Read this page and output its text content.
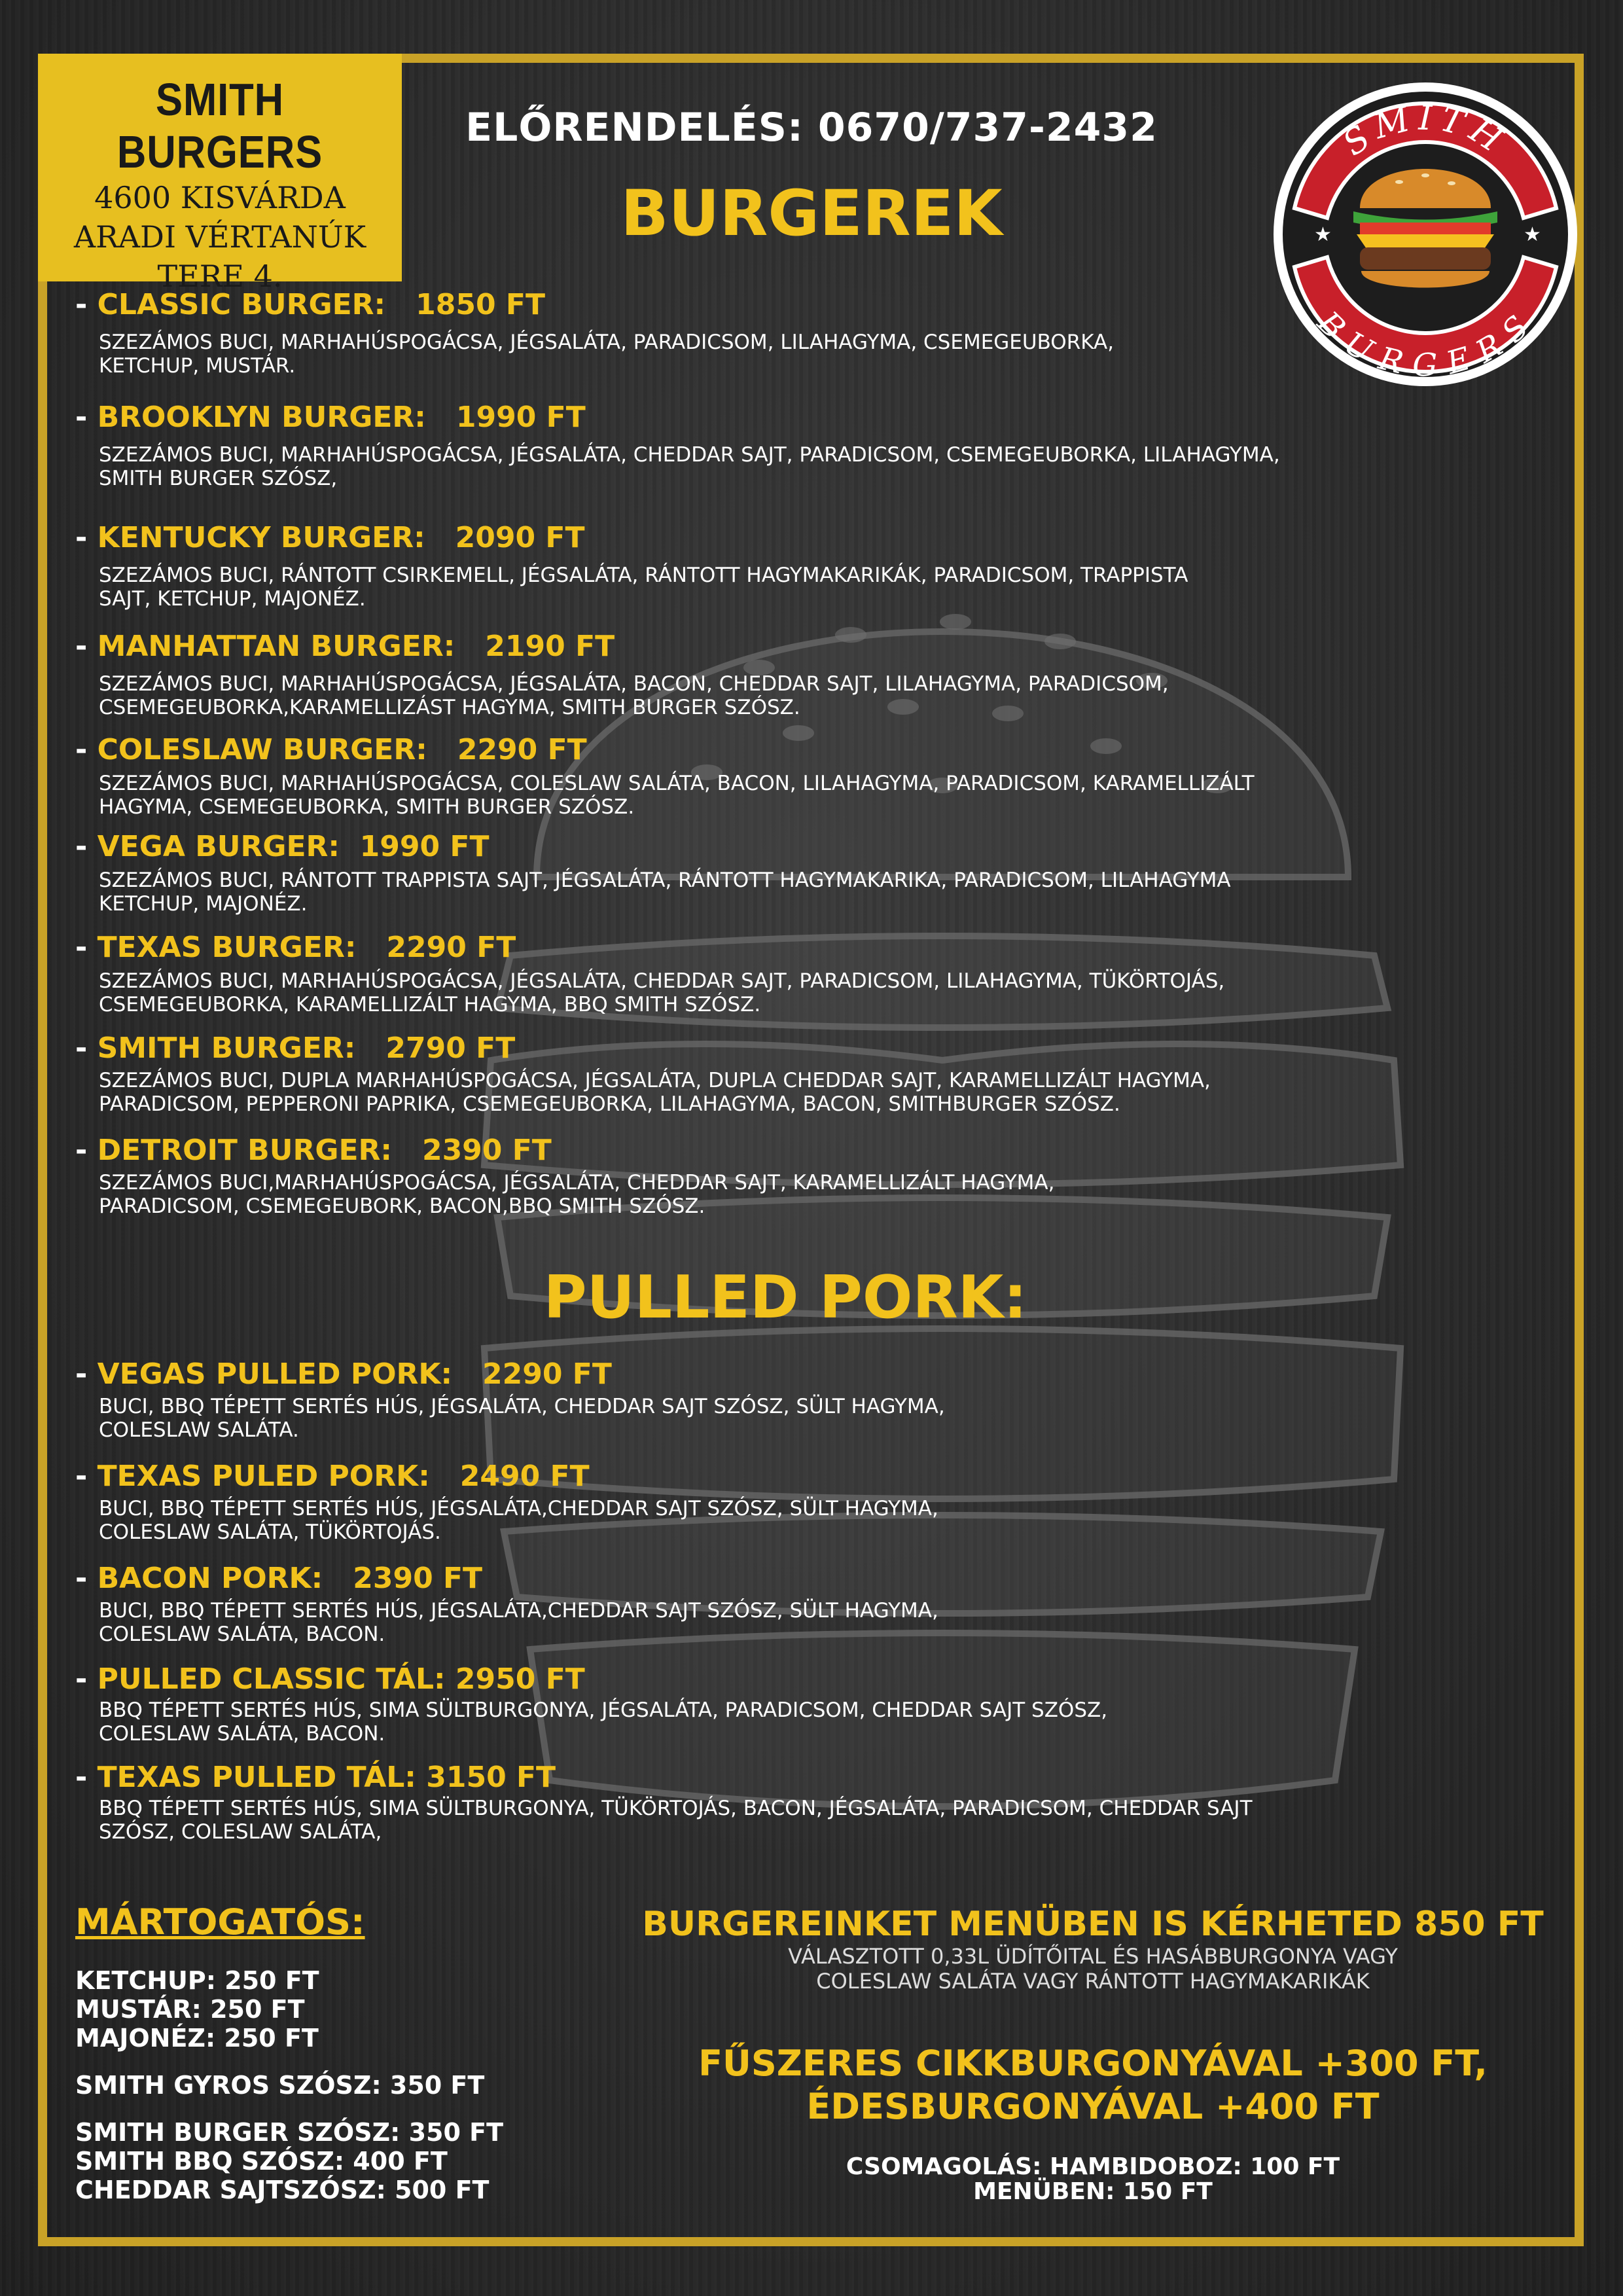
SMITH BURGERS
4600 KISVÁRDA
ARADI VÉRTANÚK
TERE 4.
ELŐRENDELÉS: 0670/737-2432
BURGEREK
SMITH
BURGERS
★	★
- CLASSIC BURGER: 1850 FT
SZEZÁMOS BUCI, MARHAHÚSPOGÁCSA, JÉGSALÁTA, PARADICSOM, LILAHAGYMA, CSEMEGEUBORKA,
KETCHUP, MUSTÁR.
- BROOKLYN BURGER: 1990 FT
SZEZÁMOS BUCI, MARHAHÚSPOGÁCSA, JÉGSALÁTA, CHEDDAR SAJT, PARADICSOM, CSEMEGEUBORKA, LILAHAGYMA,
SMITH BURGER SZÓSZ,
- KENTUCKY BURGER: 2090 FT
SZEZÁMOS BUCI, RÁNTOTT CSIRKEMELL, JÉGSALÁTA, RÁNTOTT HAGYMAKARIKÁK, PARADICSOM, TRAPPISTA
SAJT, KETCHUP, MAJONÉZ.
- MANHATTAN BURGER: 2190 FT
SZEZÁMOS BUCI, MARHAHÚSPOGÁCSA, JÉGSALÁTA, BACON, CHEDDAR SAJT, LILAHAGYMA, PARADICSOM,
CSEMEGEUBORKA,KARAMELLIZÁST HAGYMA, SMITH BURGER SZÓSZ.
- COLESLAW BURGER: 2290 FT
SZEZÁMOS BUCI, MARHAHÚSPOGÁCSA, COLESLAW SALÁTA, BACON, LILAHAGYMA, PARADICSOM, KARAMELLIZÁLT
HAGYMA, CSEMEGEUBORKA, SMITH BURGER SZÓSZ.
- VEGA BURGER: 1990 FT
SZEZÁMOS BUCI, RÁNTOTT TRAPPISTA SAJT, JÉGSALÁTA, RÁNTOTT HAGYMAKARIKA, PARADICSOM, LILAHAGYMA
KETCHUP, MAJONÉZ.
- TEXAS BURGER: 2290 FT
SZEZÁMOS BUCI, MARHAHÚSPOGÁCSA, JÉGSALÁTA, CHEDDAR SAJT, PARADICSOM, LILAHAGYMA, TÜKÖRTOJÁS,
CSEMEGEUBORKA, KARAMELLIZÁLT HAGYMA, BBQ SMITH SZÓSZ.
- SMITH BURGER: 2790 FT
SZEZÁMOS BUCI, DUPLA MARHAHÚSPOGÁCSA, JÉGSALÁTA, DUPLA CHEDDAR SAJT, KARAMELLIZÁLT HAGYMA,
PARADICSOM, PEPPERONI PAPRIKA, CSEMEGEUBORKA, LILAHAGYMA, BACON, SMITHBURGER SZÓSZ.
- DETROIT BURGER: 2390 FT
SZEZÁMOS BUCI,MARHAHÚSPOGÁCSA, JÉGSALÁTA, CHEDDAR SAJT, KARAMELLIZÁLT HAGYMA,
PARADICSOM, CSEMEGEUBORK, BACON,BBQ SMITH SZÓSZ.
PULLED PORK:
- VEGAS PULLED PORK: 2290 FT
BUCI, BBQ TÉPETT SERTÉS HÚS, JÉGSALÁTA, CHEDDAR SAJT SZÓSZ, SÜLT HAGYMA,
COLESLAW SALÁTA.
- TEXAS PULED PORK: 2490 FT
BUCI, BBQ TÉPETT SERTÉS HÚS, JÉGSALÁTA,CHEDDAR SAJT SZÓSZ, SÜLT HAGYMA,
COLESLAW SALÁTA, TÜKÖRTOJÁS.
- BACON PORK: 2390 FT
BUCI, BBQ TÉPETT SERTÉS HÚS, JÉGSALÁTA,CHEDDAR SAJT SZÓSZ, SÜLT HAGYMA,
COLESLAW SALÁTA, BACON.
- PULLED CLASSIC TÁL: 2950 FT
BBQ TÉPETT SERTÉS HÚS, SIMA SÜLTBURGONYA, JÉGSALÁTA, PARADICSOM, CHEDDAR SAJT SZÓSZ,
COLESLAW SALÁTA, BACON.
- TEXAS PULLED TÁL: 3150 FT
BBQ TÉPETT SERTÉS HÚS, SIMA SÜLTBURGONYA, TÜKÖRTOJÁS, BACON, JÉGSALÁTA, PARADICSOM, CHEDDAR SAJT
SZÓSZ, COLESLAW SALÁTA,
MÁRTOGATÓS:
KETCHUP: 250 FT
MUSTÁR: 250 FT
MAJONÉZ: 250 FT
SMITH GYROS SZÓSZ: 350 FT
SMITH BURGER SZÓSZ: 350 FT
SMITH BBQ SZÓSZ: 400 FT
CHEDDAR SAJTSZÓSZ: 500 FT
BURGEREINKET MENÜBEN IS KÉRHETED 850 FT
VÁLASZTOTT 0,33L ÜDÍTŐITAL ÉS HASÁBBURGONYA VAGY
COLESLAW SALÁTA VAGY RÁNTOTT HAGYMAKARIKÁK
FŰSZERES CIKKBURGONYÁVAL +300 FT,
ÉDESBURGONYÁVAL +400 FT
CSOMAGOLÁS: HAMBIDOBOZ: 100 FT
MENÜBEN: 150 FT
